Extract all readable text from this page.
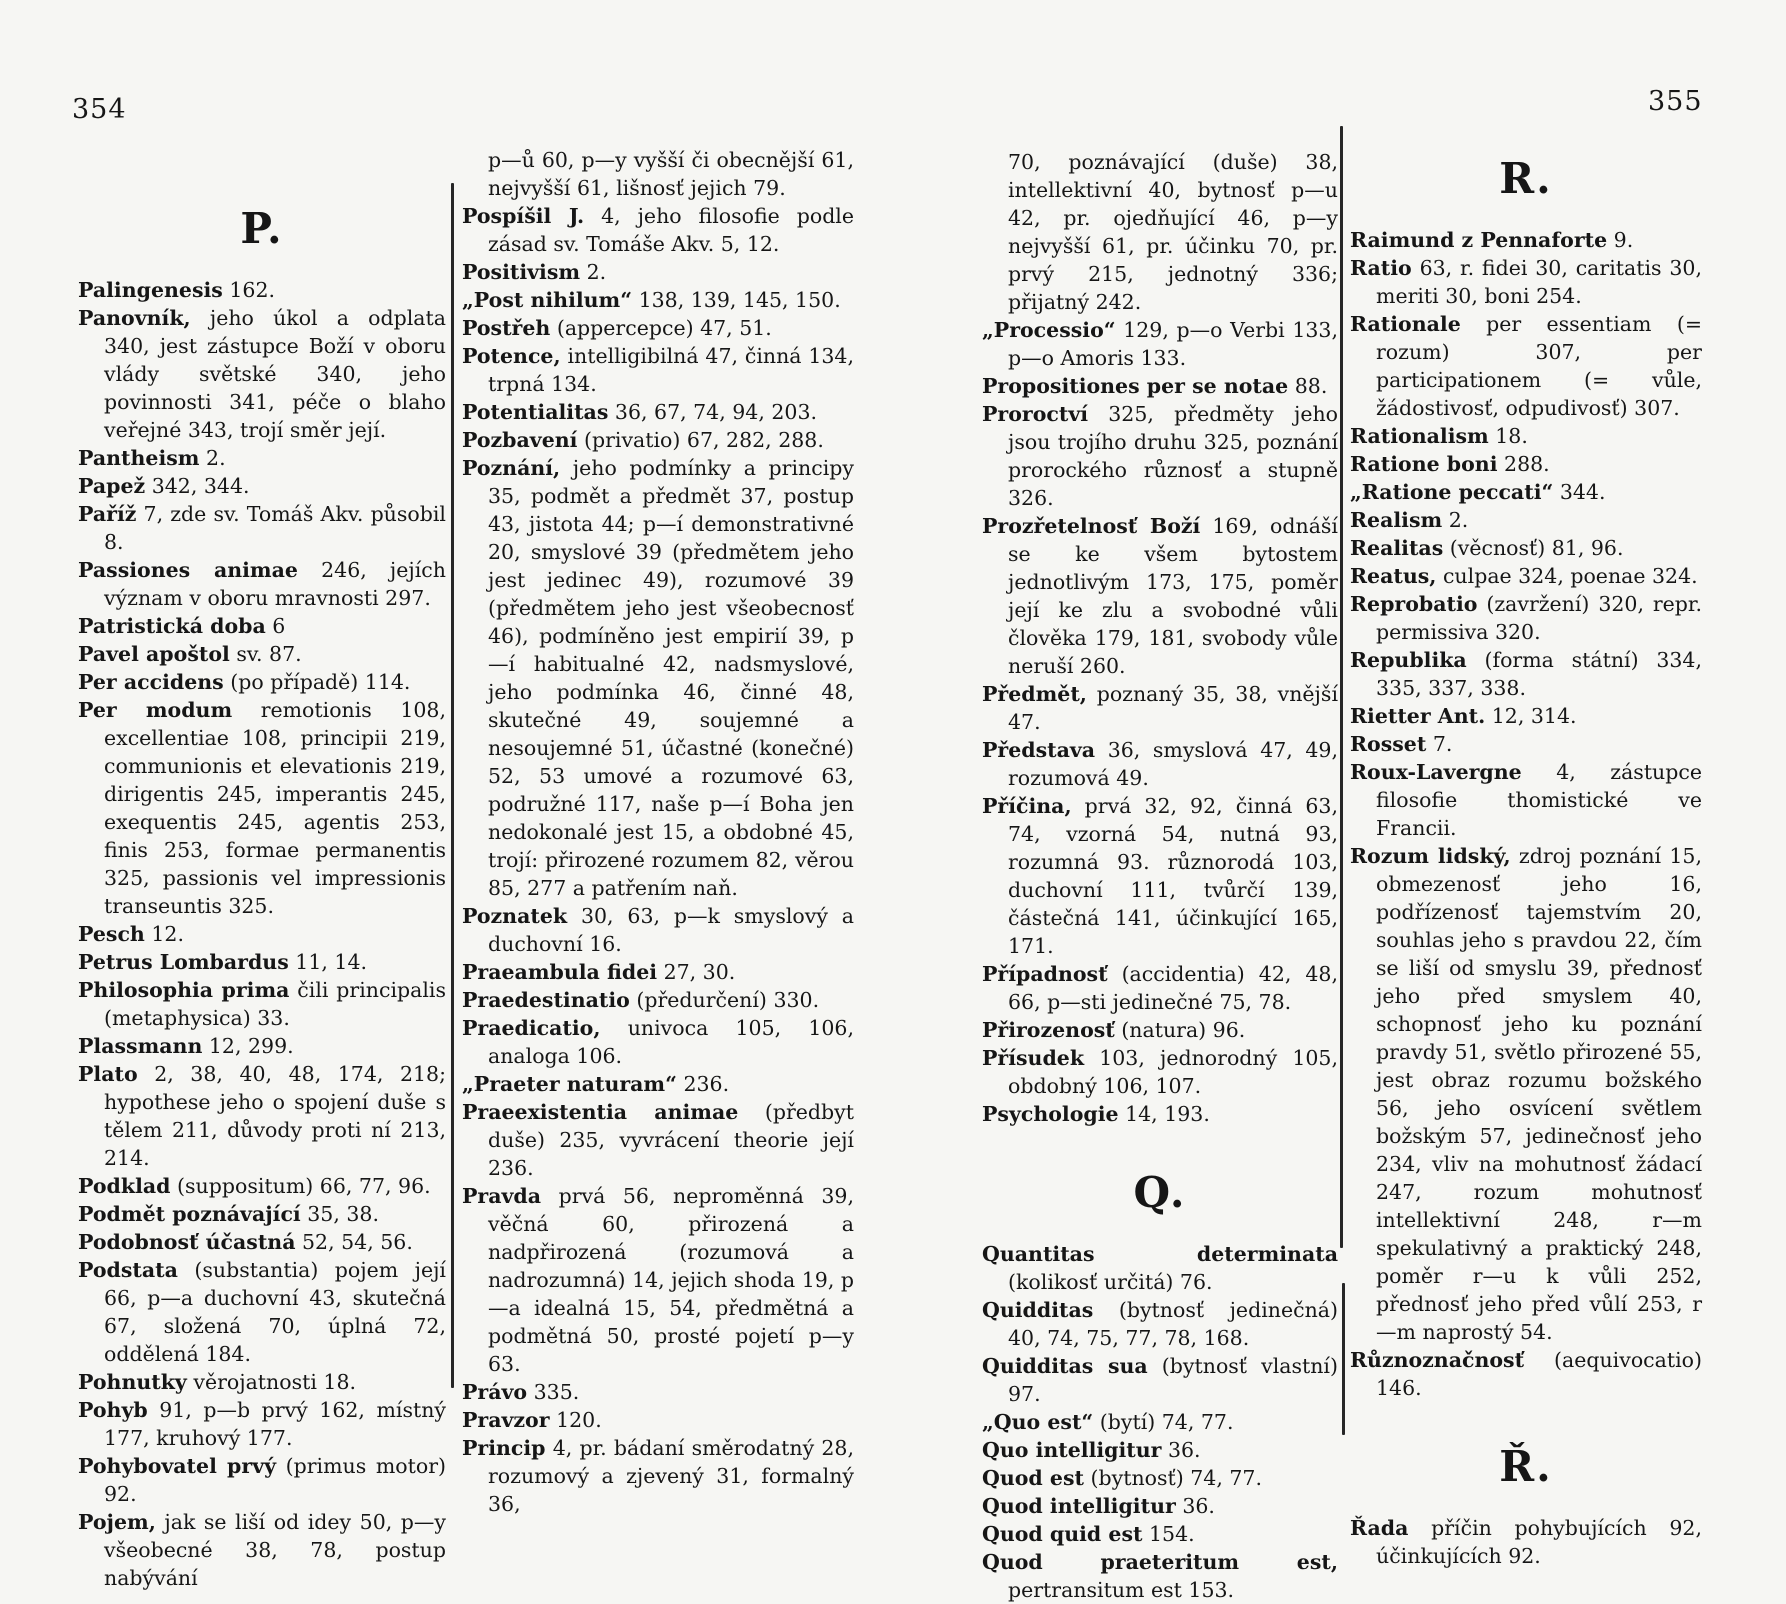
354	355
P.

Palingenesis 162.

Panovník, jeho úkol a odplata 340, jest zástupce Boží v oboru vlády světské 340, jeho povinnosti 341, péče o blaho veřejné 343, trojí směr její.

Pantheism 2.

Papež 342, 344.

Paříž 7, zde sv. Tomáš Akv. působil 8.

Passiones animae 246, jejích význam v oboru mravnosti 297.

Patristická doba 6

Pavel apoštol sv. 87.

Per accidens (po případě) 114.

Per modum remotionis 108, excellentiae 108, principii 219, communionis et elevationis 219, dirigentis 245, imperantis 245, exequentis 245, agentis 253, finis 253, formae permanentis 325, passionis vel impressionis transeuntis 325.

Pesch 12.

Petrus Lombardus 11, 14.

Philosophia prima čili principalis (metaphysica) 33.

Plassmann 12, 299.

Plato 2, 38, 40, 48, 174, 218; hypothese jeho o spojení duše s tělem 211, důvody proti ní 213, 214.

Podklad (suppositum) 66, 77, 96.

Podmět poznávající 35, 38.

Podobnosť účastná 52, 54, 56.

Podstata (substantia) pojem její 66, p—a duchovní 43, skutečná 67, složená 70, úplná 72, oddělená 184.

Pohnutky věrojatnosti 18.

Pohyb 91, p—b prvý 162, místný 177, kruhový 177.

Pohybovatel prvý (primus motor) 92.

Pojem, jak se liší od idey 50, p—y všeobecné 38, 78, postup nabývání

p—ů 60, p—y vyšší či obecnější 61, nejvyšší 61, lišnosť jejich 79.

Pospíšil J. 4, jeho filosofie podle zásad sv. Tomáše Akv. 5, 12.

Positivism 2.

„Post nihilum“ 138, 139, 145, 150.

Postřeh (appercepce) 47, 51.

Potence, intelligibilná 47, činná 134, trpná 134.

Potentialitas 36, 67, 74, 94, 203.

Pozbavení (privatio) 67, 282, 288.

Poznání, jeho podmínky a principy 35, podmět a předmět 37, postup 43, jistota 44; p—í demonstrativné 20, smyslové 39 (předmětem jeho jest jedinec 49), rozumové 39 (předmětem jeho jest všeobecnosť 46), podmíněno jest empirií 39, p—í habitualné 42, nadsmyslové, jeho podmínka 46, činné 48, skutečné 49, soujemné a nesoujemné 51, účastné (konečné) 52, 53 umové a rozumové 63, podružné 117, naše p—í Boha jen nedokonalé jest 15, a obdobné 45, trojí: přirozené rozumem 82, věrou 85, 277 a patřením naň.

Poznatek 30, 63, p—k smyslový a duchovní 16.

Praeambula fidei 27, 30.

Praedestinatio (předurčení) 330.

Praedicatio, univoca 105, 106, analoga 106.

„Praeter naturam“ 236.

Praeexistentia animae (předbyt duše) 235, vyvrácení theorie její 236.

Pravda prvá 56, neproměnná 39, věčná 60, přirozená a nadpřirozená (rozumová a nadrozumná) 14, jejich shoda 19, p—a idealná 15, 54, předmětná a podmětná 50, prosté pojetí p—y 63.

Právo 335.

Pravzor 120.

Princip 4, pr. bádaní směrodatný 28, rozumový a zjevený 31, formalný 36,

70, poznávající (duše) 38, intellektivní 40, bytnosť p—u 42, pr. ojedňující 46, p—y nejvyšší 61, pr. účinku 70, pr. prvý 215, jednotný 336; přijatný 242.

„Processio“ 129, p—o Verbi 133, p—o Amoris 133.

Propositiones per se notae 88.

Proroctví 325, předměty jeho jsou trojího druhu 325, poznání prorockého různosť a stupně 326.

Prozřetelnosť Boží 169, odnáší se ke všem bytostem jednotlivým 173, 175, poměr její ke zlu a svobodné vůli člověka 179, 181, svobody vůle neruší 260.

Předmět, poznaný 35, 38, vnější 47.

Představa 36, smyslová 47, 49, rozumová 49.

Příčina, prvá 32, 92, činná 63, 74, vzorná 54, nutná 93, rozumná 93. různorodá 103, duchovní 111, tvůrčí 139, částečná 141, účinkující 165, 171.

Případnosť (accidentia) 42, 48, 66, p—sti jedinečné 75, 78.

Přirozenosť (natura) 96.

Přísudek 103, jednorodný 105, obdobný 106, 107.

Psychologie 14, 193.

Q.

Quantitas determinata (kolikosť určitá) 76.

Quidditas (bytnosť jedinečná) 40, 74, 75, 77, 78, 168.

Quidditas sua (bytnosť vlastní) 97.

„Quo est“ (bytí) 74, 77.

Quo intelligitur 36.

Quod est (bytnosť) 74, 77.

Quod intelligitur 36.

Quod quid est 154.

Quod praeteritum est, pertransitum est 153.

R.

Raimund z Pennaforte 9.

Ratio 63, r. fidei 30, caritatis 30, meriti 30, boni 254.

Rationale per essentiam (= rozum) 307, per participationem (= vůle, žádostivosť, odpudivosť) 307.

Rationalism 18.

Ratione boni 288.

„Ratione peccati“ 344.

Realism 2.

Realitas (věcnosť) 81, 96.

Reatus, culpae 324, poenae 324.

Reprobatio (zavržení) 320, repr. permissiva 320.

Republika (forma státní) 334, 335, 337, 338.

Rietter Ant. 12, 314.

Rosset 7.

Roux-Lavergne 4, zástupce filosofie thomistické ve Francii.

Rozum lidský, zdroj poznání 15, obmezenosť jeho 16, podřízenosť tajemstvím 20, souhlas jeho s pravdou 22, čím se liší od smyslu 39, přednosť jeho před smyslem 40, schopnosť jeho ku poznání pravdy 51, světlo přirozené 55, jest obraz rozumu božského 56, jeho osvícení světlem božským 57, jedinečnosť jeho 234, vliv na mohutnosť žádací 247, rozum mohutnosť intellektivní 248, r—m spekulativný a praktický 248, poměr r—u k vůli 252, přednosť jeho před vůlí 253, r—m naprostý 54.

Různoznačnosť (aequivocatio) 146.

Ř.

Řada příčin pohybujících 92, účinkujících 92.
